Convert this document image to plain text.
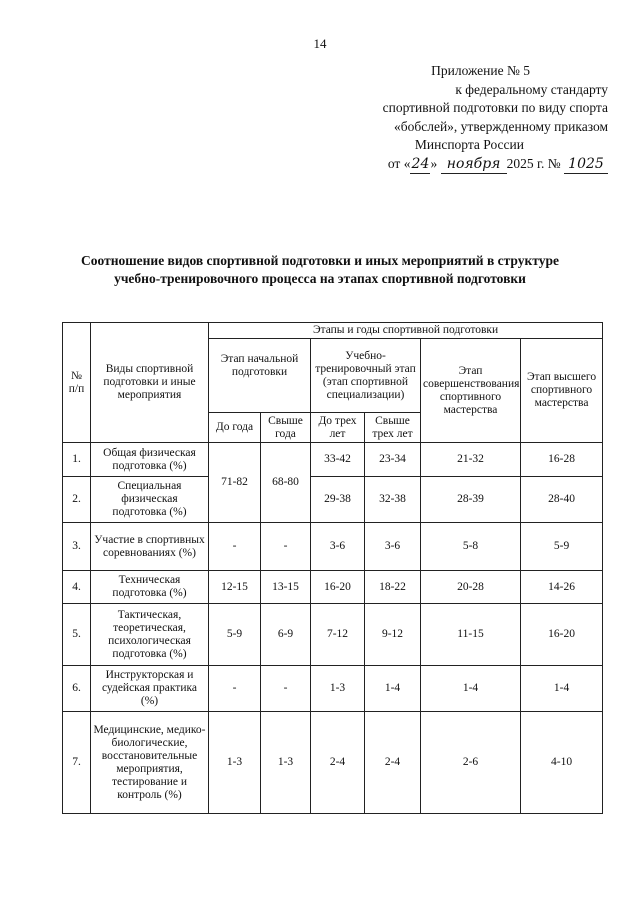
14
Приложение № 5
к федеральному стандарту
спортивной подготовки по виду спорта
«бобслей», утвержденному приказом
Минспорта России
от «24» ноября 2025 г. № 1025
Соотношение видов спортивной подготовки и иных мероприятий в структуре
учебно-тренировочного процесса на этапах спортивной подготовки
№ п/п	Виды спортивной подготовки и иные мероприятия	Этапы и годы спортивной подготовки					
		Этап начальной подготовки		Учебно-тренировочный этап (этап спортивной специализации)		Этап совершенствования спортивного мастерства	Этап высшего спортивного мастерства
		До года	Свыше года	До трех лет	Свыше трех лет		
1.	Общая физическая подготовка (%)	71-82	68-80	33-42	23-34	21-32	16-28
2.	Специальная физическая подготовка (%)			29-38	32-38	28-39	28-40
3.	Участие в спортивных соревнованиях (%)	-	-	3-6	3-6	5-8	5-9
4.	Техническая подготовка (%)	12-15	13-15	16-20	18-22	20-28	14-26
5.	Тактическая, теоретическая, психологическая подготовка (%)	5-9	6-9	7-12	9-12	11-15	16-20
6.	Инструкторская и судейская практика (%)	-	-	1-3	1-4	1-4	1-4
7.	Медицинские, медико-биологические, восстановительные мероприятия, тестирование и контроль (%)	1-3	1-3	2-4	2-4	2-6	4-10
